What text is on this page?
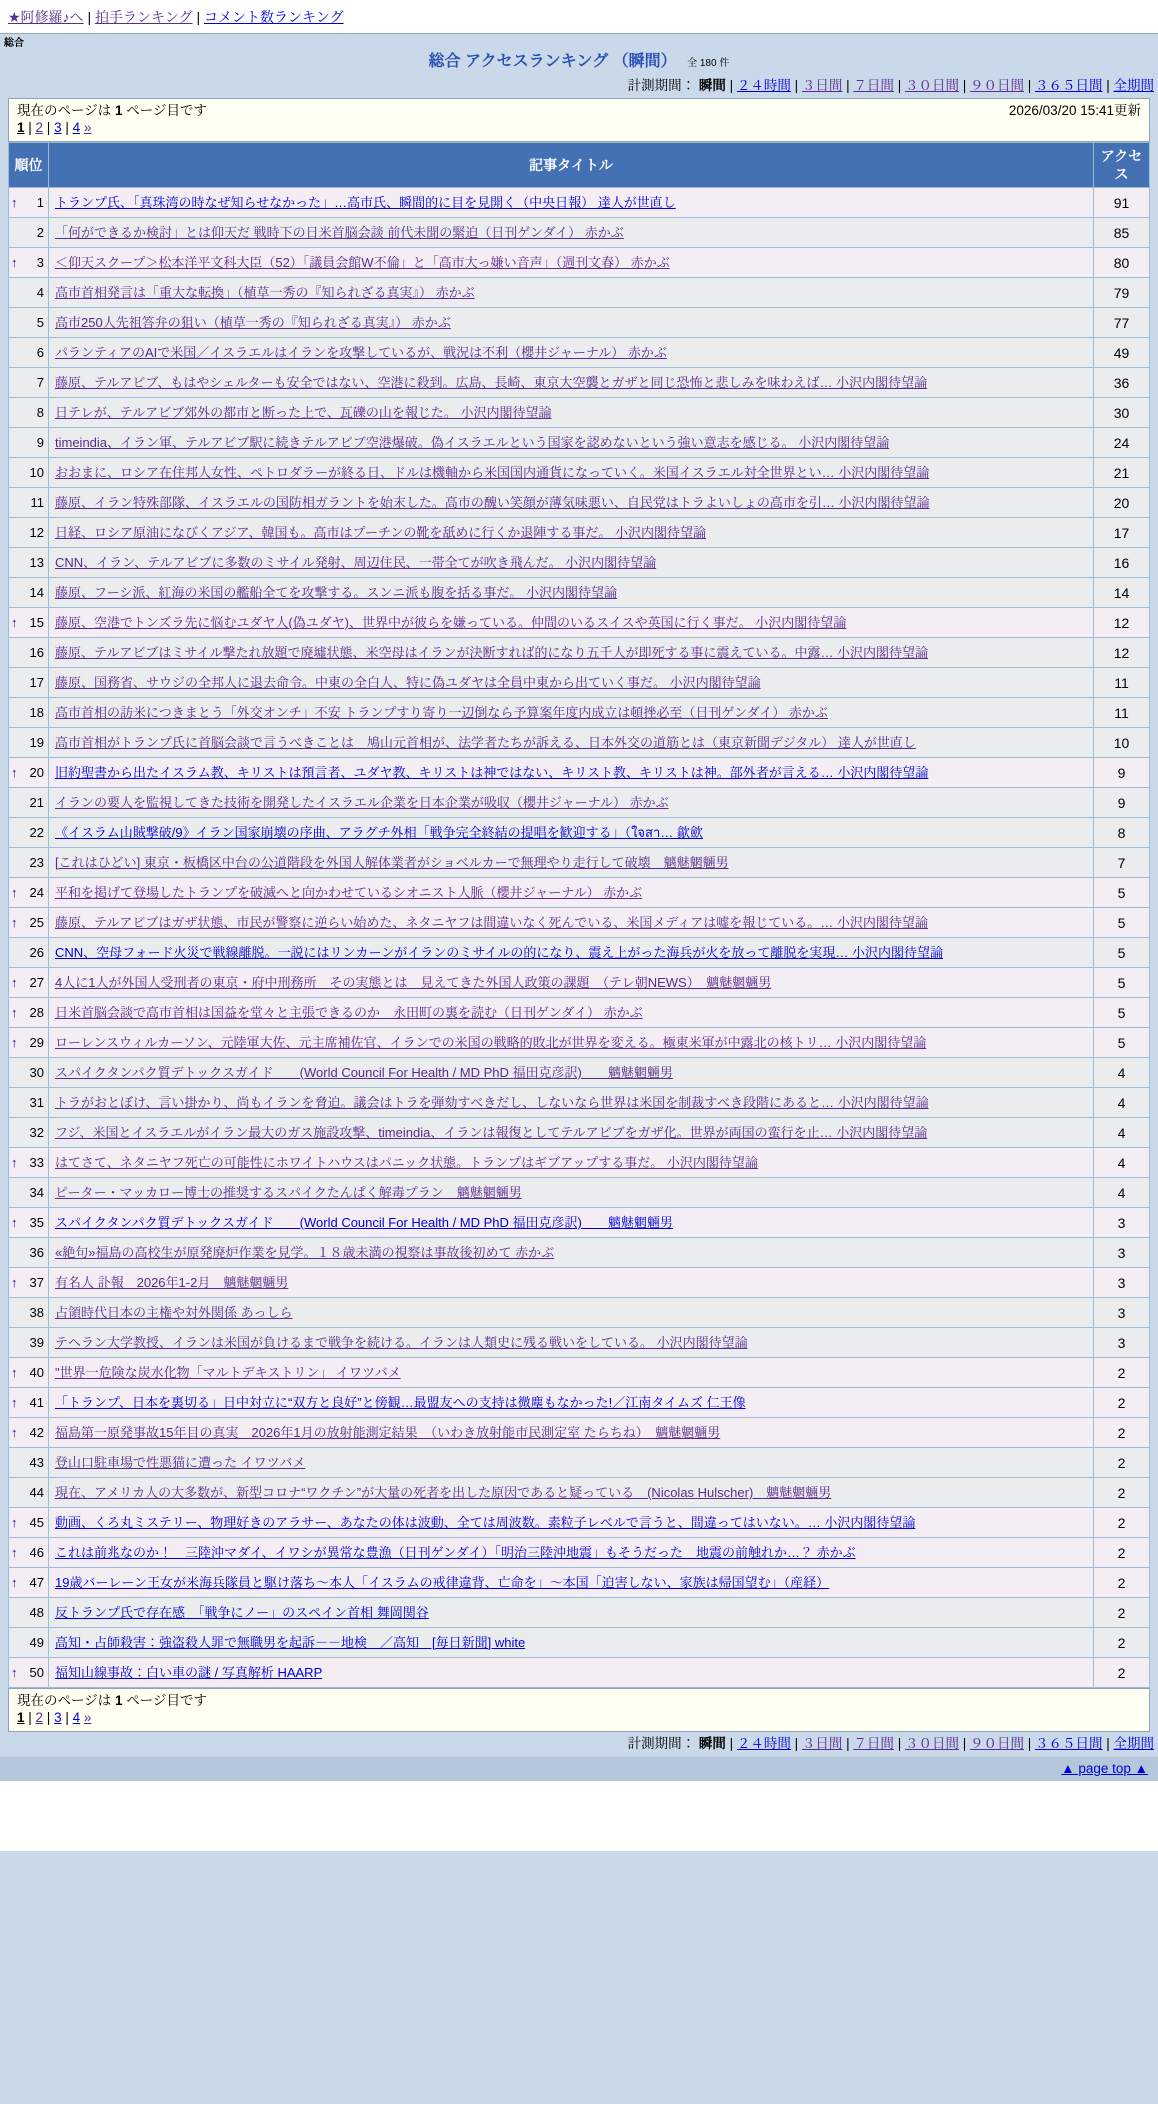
★阿修羅♪へ | 拍手ランキング | コメント数ランキング
総合
総合 アクセスランキング （瞬間） 全 180 件
計測期間： 瞬間 | ２４時間 | ３日間 | ７日間 | ３０日間 | ９０日間 | ３６５日間 | 全期間
現在のページは 1 ページ目です	2026/03/20 15:41更新
1 | 2 | 3 | 4 »
順位	記事タイトル	アクセス

↑ 1	トランプ氏、「真珠湾の時なぜ知らせなかった」…高市氏、瞬間的に目を見開く（中央日報） 達人が世直し	91

2	「何ができるか検討」とは仰天だ 戦時下の日米首脳会談 前代未聞の緊迫（日刊ゲンダイ） 赤かぶ	85

↑ 3	＜仰天スクープ＞松本洋平文科大臣（52）「議員会館W不倫」と「高市大っ嫌い音声」（週刊文春） 赤かぶ	80

4	高市首相発言は「重大な転換」（植草一秀の『知られざる真実』） 赤かぶ	79

5	高市250人先祖答弁の狙い（植草一秀の『知られざる真実』） 赤かぶ	77

6	パランティアのAIで米国／イスラエルはイランを攻撃しているが、戦況は不利（櫻井ジャーナル） 赤かぶ	49

7	藤原、テルアビブ、もはやシェルターも安全ではない、空港に殺到。広島、長崎、東京大空襲とガザと同じ恐怖と悲しみを味わえば… 小沢内閣待望論	36

8	日テレが、テルアビブ郊外の都市と断った上で、瓦礫の山を報じた。 小沢内閣待望論	30

9	timeindia、イラン軍、テルアビブ駅に続きテルアビブ空港爆破。偽イスラエルという国家を認めないという強い意志を感じる。 小沢内閣待望論	24

10	おおまに、ロシア在住邦人女性、ペトロダラーが終る日、ドルは機軸から米国国内通貨になっていく。米国イスラエル対全世界とい… 小沢内閣待望論	21

11	藤原、イラン特殊部隊、イスラエルの国防相ガラントを始末した。高市の醜い笑顔が薄気味悪い、自民党はトラよいしょの高市を引… 小沢内閣待望論	20

12	日経、ロシア原油になびくアジア、韓国も。高市はプーチンの靴を舐めに行くか退陣する事だ。 小沢内閣待望論	17

13	CNN、イラン、テルアビブに多数のミサイル発射、周辺住民、一帯全てが吹き飛んだ。 小沢内閣待望論	16

14	藤原、フーシ派、紅海の米国の艦船全てを攻撃する。スンニ派も腹を括る事だ。 小沢内閣待望論	14

↑ 15	藤原、空港でトンズラ先に悩むユダヤ人(偽ユダヤ)、世界中が彼らを嫌っている。仲間のいるスイスや英国に行く事だ。 小沢内閣待望論	12

16	藤原、テルアビブはミサイル撃たれ放題で廃墟状態、米空母はイランが決断すれば的になり五千人が即死する事に震えている。中露… 小沢内閣待望論	12

17	藤原、国務省、サウジの全邦人に退去命令。中東の全白人、特に偽ユダヤは全員中東から出ていく事だ。 小沢内閣待望論	11

18	高市首相の訪米につきまとう「外交オンチ」不安 トランプすり寄り一辺倒なら予算案年度内成立は頓挫必至（日刊ゲンダイ） 赤かぶ	11

19	高市首相がトランプ氏に首脳会談で言うべきことは　鳩山元首相が、法学者たちが訴える、日本外交の道筋とは（東京新聞デジタル） 達人が世直し	10

↑ 20	旧約聖書から出たイスラム教、キリストは預言者、ユダヤ教、キリストは神ではない、キリスト教、キリストは神。部外者が言える… 小沢内閣待望論	9

21	イランの要人を監視してきた技術を開発したイスラエル企業を日本企業が吸収（櫻井ジャーナル） 赤かぶ	9

22	《イスラム山賊撃破/9》イラン国家崩壊の序曲、アラグチ外相「戦争完全終結の提唱を歓迎する」（ใจสา… 歙歛	8

23	[これはひどい] 東京・板橋区中台の公道階段を外国人解体業者がショベルカーで無理やり走行して破壊　魑魅魍魎男	7

↑ 24	平和を掲げて登場したトランプを破滅へと向かわせているシオニスト人脈（櫻井ジャーナル） 赤かぶ	5

↑ 25	藤原、テルアビブはガザ状態、市民が警察に逆らい始めた、ネタニヤフは間違いなく死んでいる、米国メディアは嘘を報じている。… 小沢内閣待望論	5

26	CNN、空母フォード火災で戦線離脱。一説にはリンカーンがイランのミサイルの的になり、震え上がった海兵が火を放って離脱を実現… 小沢内閣待望論	5

↑ 27	4人に1人が外国人受刑者の東京・府中刑務所　その実態とは　見えてきた外国人政策の課題　（テレ朝NEWS）　魑魅魍魎男	5

↑ 28	日米首脳会談で高市首相は国益を堂々と主張できるのか　永田町の裏を読む（日刊ゲンダイ） 赤かぶ	5

↑ 29	ローレンスウィルカーソン、元陸軍大佐、元主席補佐官、イランでの米国の戦略的敗北が世界を変える。極東米軍が中露北の核トリ… 小沢内閣待望論	5

30	スパイクタンパク質デトックスガイド　　(World Council For Health / MD PhD 福田克彦訳)　　魑魅魍魎男	4

31	トラがおとぼけ、言い掛かり、尚もイランを脅迫。議会はトラを弾劾すべきだし、しないなら世界は米国を制裁すべき段階にあると… 小沢内閣待望論	4

32	フジ、米国とイスラエルがイラン最大のガス施設攻撃、timeindia、イランは報復としてテルアビブをガザ化。世界が両国の蛮行を止… 小沢内閣待望論	4

↑ 33	はてさて、ネタニヤフ死亡の可能性にホワイトハウスはパニック状態。トランプはギブアップする事だ。 小沢内閣待望論	4

34	ピーター・マッカロー博士の推奨するスパイクたんぱく解毒プラン　魑魅魍魎男	4

↑ 35	スパイクタンパク質デトックスガイド　　(World Council For Health / MD PhD 福田克彦訳)　　魑魅魍魎男	3

36	«絶句»福島の高校生が原発廃炉作業を見学。１８歳未満の視察は事故後初めて 赤かぶ	3

↑ 37	有名人 訃報　2026年1-2月　魑魅魍魎男	3

38	占領時代日本の主権や対外関係 あっしら	3

39	テヘラン大学教授、イランは米国が負けるまで戦争を続ける。イランは人類史に残る戦いをしている。 小沢内閣待望論	3

↑ 40	"世界一危険な炭水化物「マルトデキストリン」 イワツバメ	2

↑ 41	「トランプ、日本を裏切る」日中対立に“双方と良好”と傍観…最盟友への支持は微塵もなかった!／江南タイムズ 仁王像	2

↑ 42	福島第一原発事故15年目の真実　2026年1月の放射能測定結果　（いわき放射能市民測定室 たらちね）　魑魅魍魎男	2

43	登山口駐車場で性悪猫に遭った イワツバメ	2

44	現在、アメリカ人の大多数が、新型コロナ“ワクチン”が大量の死者を出した原因であると疑っている　(Nicolas Hulscher)　魑魅魍魎男	2

↑ 45	動画、くろ丸ミステリー、物理好きのアラサー、あなたの体は波動、全ては周波数。素粒子レベルで言うと、間違ってはいない。… 小沢内閣待望論	2

↑ 46	これは前兆なのか！　三陸沖マダイ、イワシが異常な豊漁（日刊ゲンダイ）「明治三陸沖地震」もそうだった　地震の前触れか…？ 赤かぶ	2

↑ 47	19歳バーレーン王女が米海兵隊員と駆け落ち〜本人「イスラムの戒律違背、亡命を」〜本国「迫害しない、家族は帰国望む」（産経）	2

48	反トランプ氏で存在感　「戦争にノー」のスペイン首相 舞岡関谷	2

49	高知・占師殺害：強盗殺人罪で無職男を起訴－－地検　／高知　[毎日新聞] white	2

↑ 50	福知山線事故：白い車の謎 / 写真解析 HAARP	2
現在のページは 1 ページ目です
1 | 2 | 3 | 4 »
計測期間： 瞬間 | ２４時間 | ３日間 | ７日間 | ３０日間 | ９０日間 | ３６５日間 | 全期間
▲ page top ▲
